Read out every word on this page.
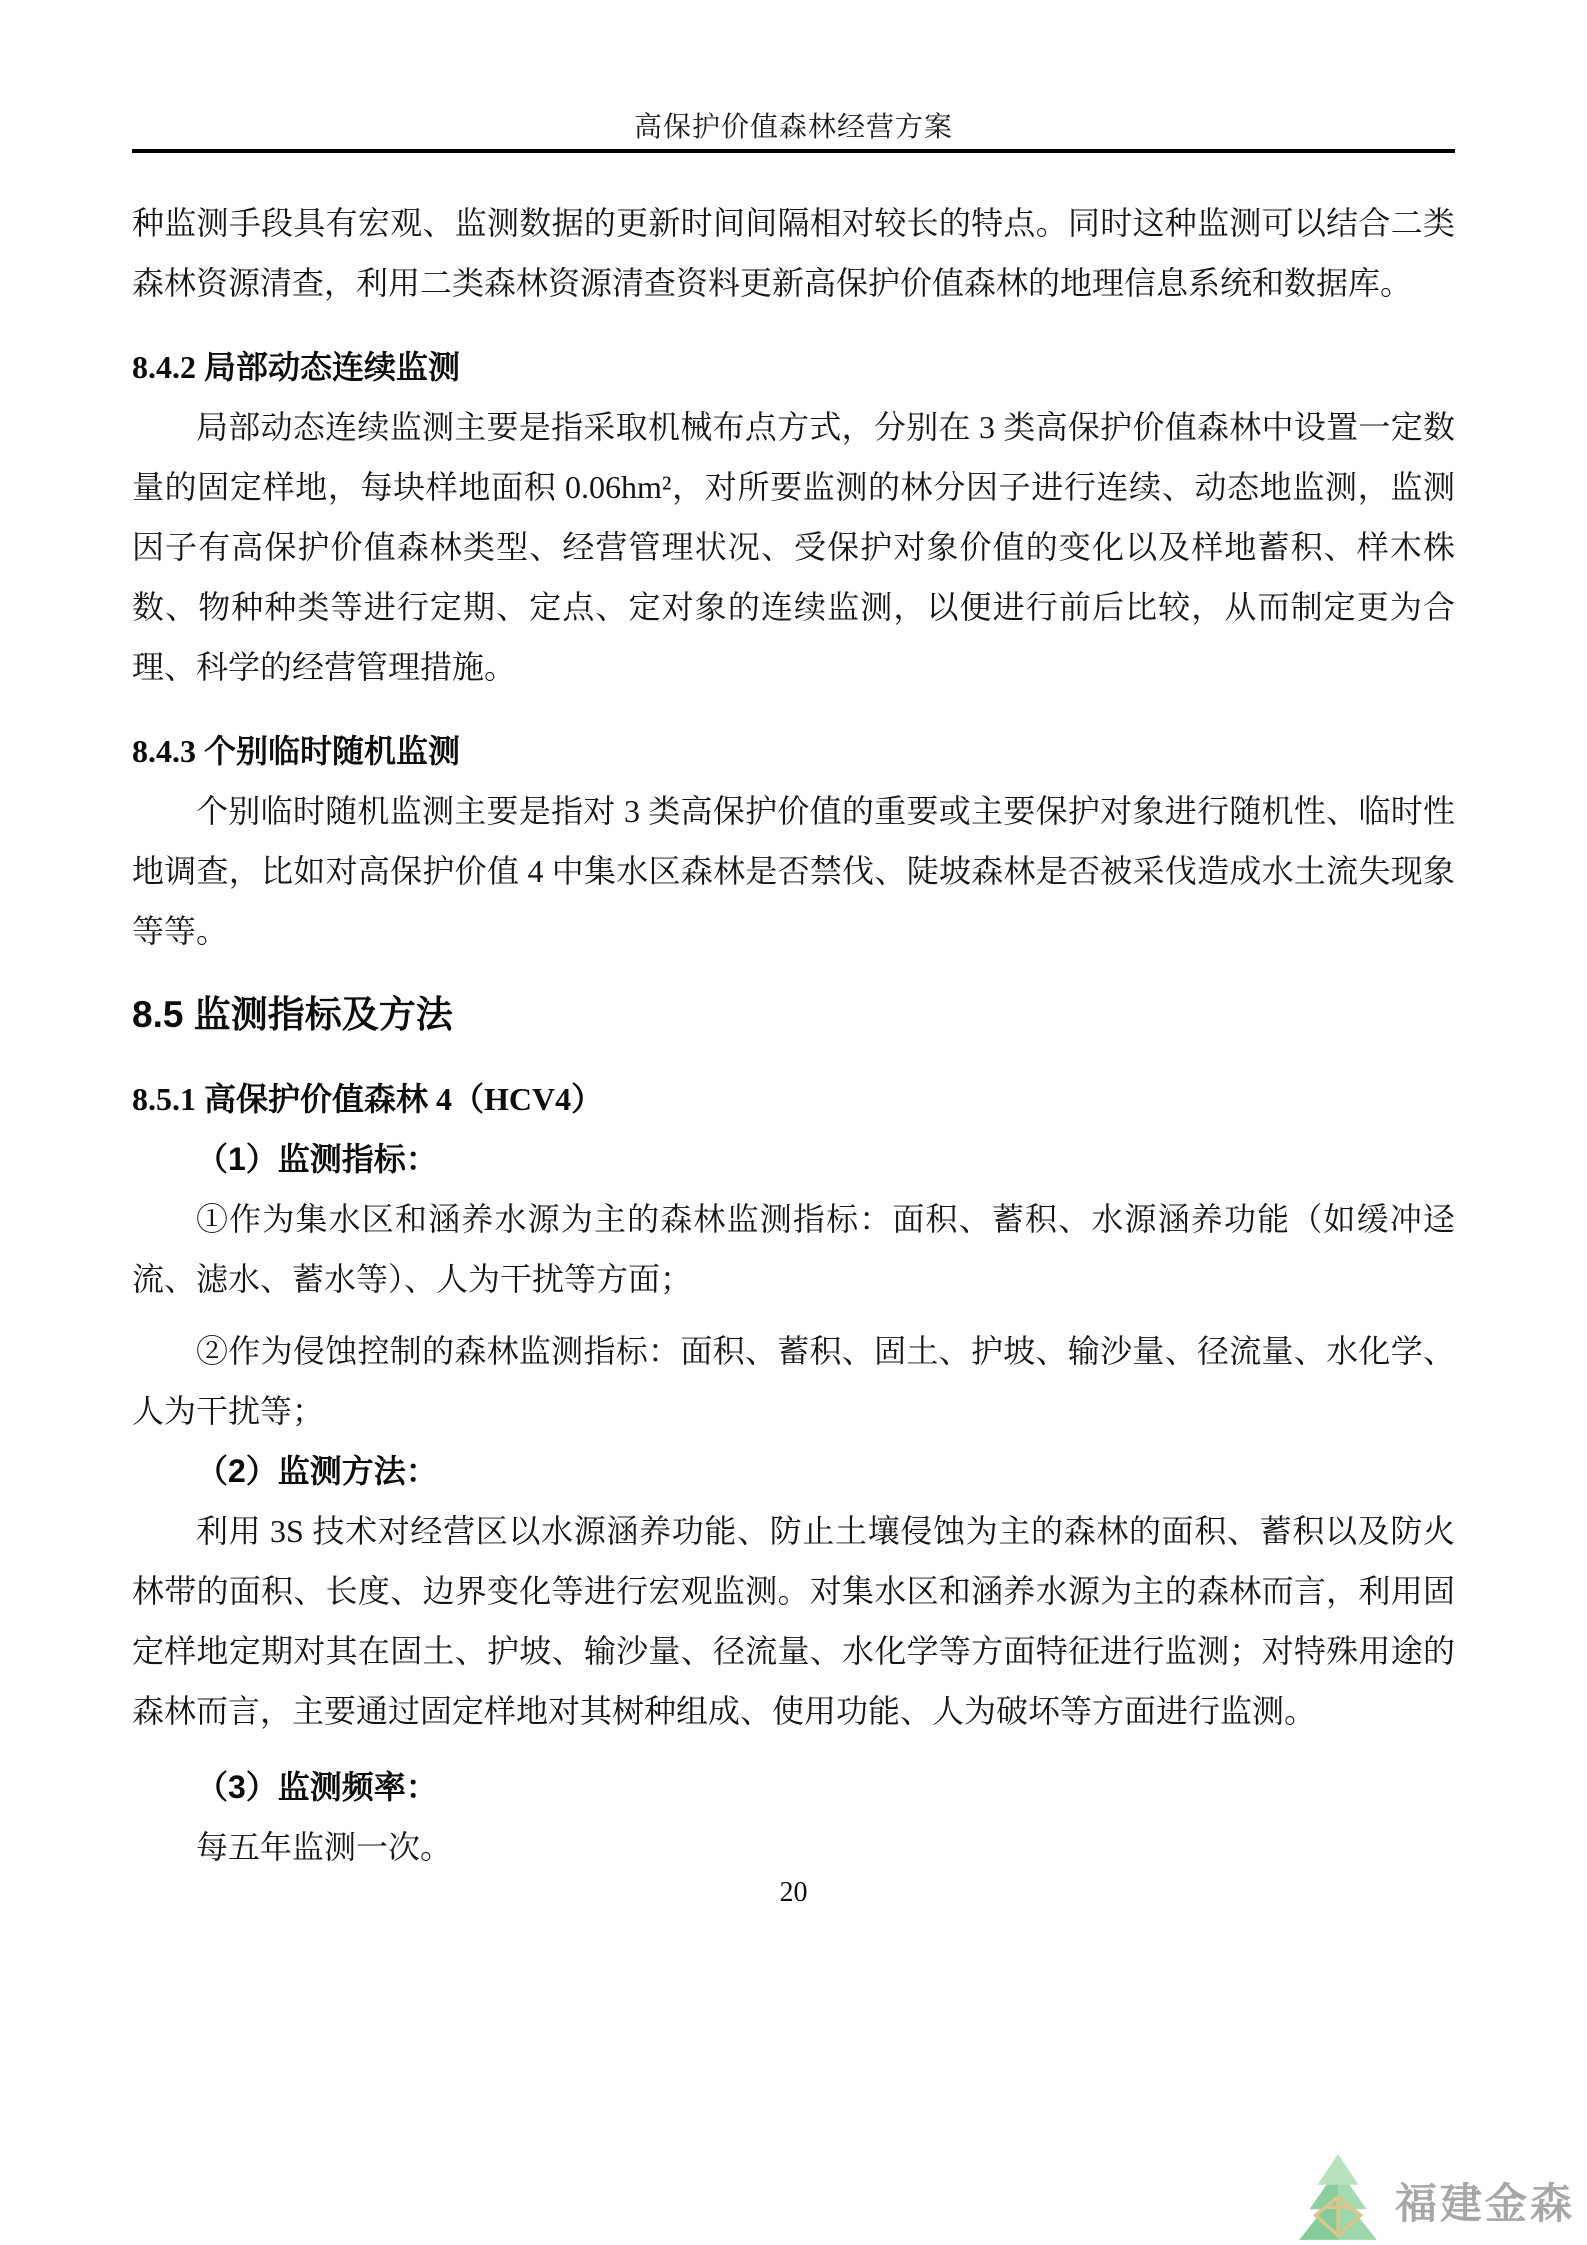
高保护价值森林经营方案

种监测手段具有宏观、监测数据的更新时间间隔相对较长的特点。同时这种监测可以结合二类森林资源清查，利用二类森林资源清查资料更新高保护价值森林的地理信息系统和数据库。

8.4.2 局部动态连续监测

局部动态连续监测主要是指采取机械布点方式，分别在 3 类高保护价值森林中设置一定数量的固定样地，每块样地面积 0.06hm²，对所要监测的林分因子进行连续、动态地监测，监测因子有高保护价值森林类型、经营管理状况、受保护对象价值的变化以及样地蓄积、样木株数、物种种类等进行定期、定点、定对象的连续监测，以便进行前后比较，从而制定更为合理、科学的经营管理措施。

8.4.3 个别临时随机监测

个别临时随机监测主要是指对 3 类高保护价值的重要或主要保护对象进行随机性、临时性地调查，比如对高保护价值 4 中集水区森林是否禁伐、陡坡森林是否被采伐造成水土流失现象等等。

8.5 监测指标及方法
8.5.1 高保护价值森林 4（HCV4）

（1）监测指标：

①作为集水区和涵养水源为主的森林监测指标：面积、蓄积、水源涵养功能（如缓冲迳流、滤水、蓄水等）、人为干扰等方面；

②作为侵蚀控制的森林监测指标：面积、蓄积、固土、护坡、输沙量、径流量、水化学、人为干扰等；

（2）监测方法：

利用 3S 技术对经营区以水源涵养功能、防止土壤侵蚀为主的森林的面积、蓄积以及防火林带的面积、长度、边界变化等进行宏观监测。对集水区和涵养水源为主的森林而言，利用固定样地定期对其在固土、护坡、输沙量、径流量、水化学等方面特征进行监测；对特殊用途的森林而言，主要通过固定样地对其树种组成、使用功能、人为破坏等方面进行监测。

（3）监测频率：

每五年监测一次。

20
福建金森
